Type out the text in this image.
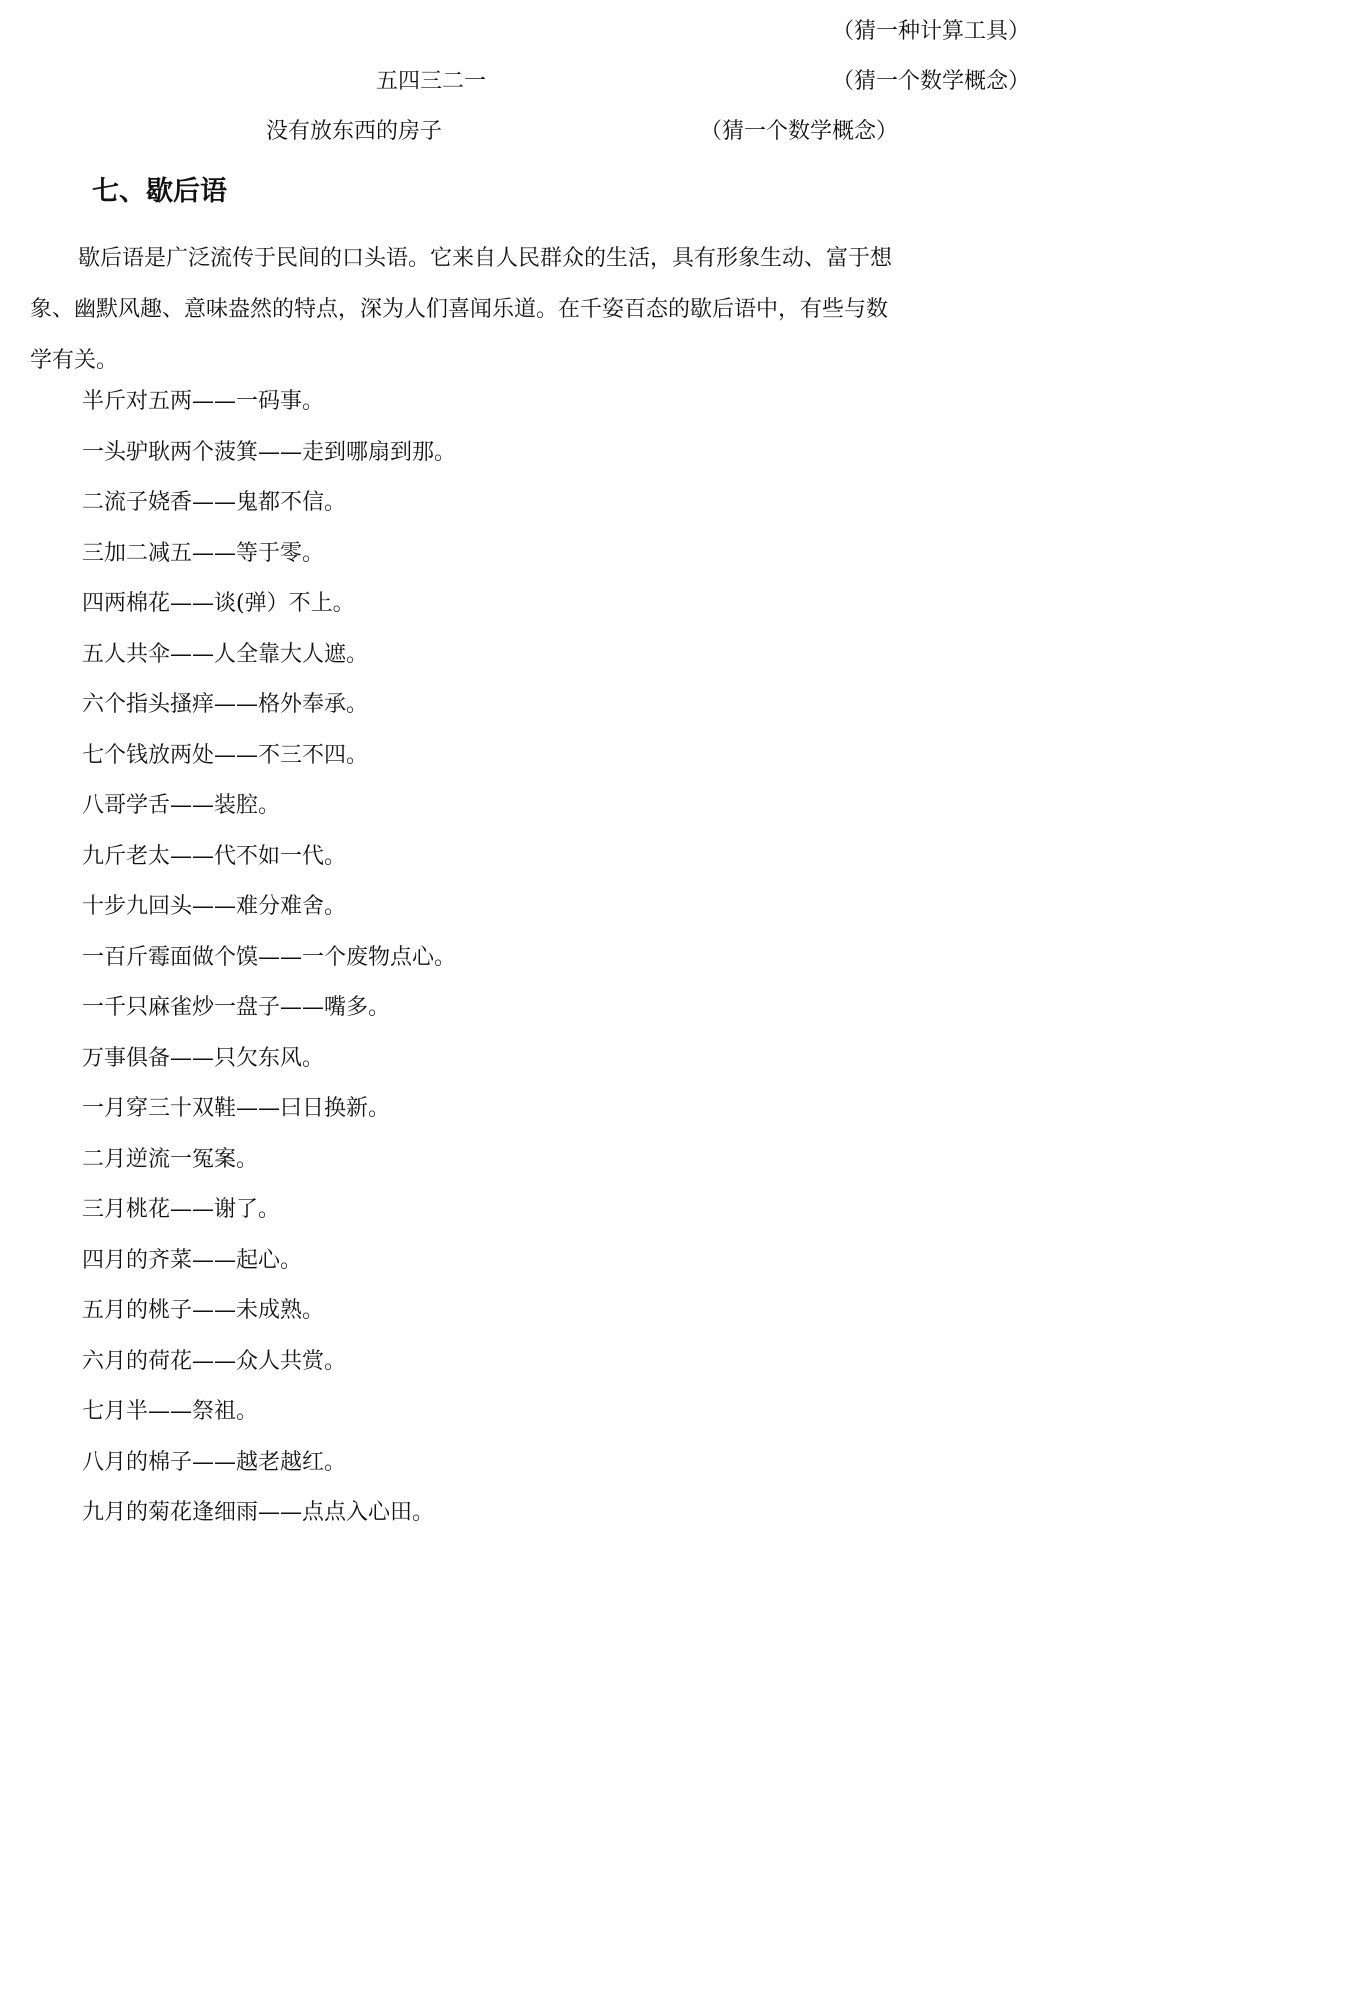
（猜一种计算工具）
五四三二一	（猜一个数学概念）
没有放东西的房子	（猜一个数学概念）
七、歇后语
歇后语是广泛流传于民间的口头语。它来自人民群众的生活，具有形象生动、富于想
象、幽默风趣、意味盎然的特点，深为人们喜闻乐道。在千姿百态的歇后语中，有些与数
学有关。
半斤对五两——一码事。
一头驴耿两个菠箕——走到哪扇到那。
二流子娆香——鬼都不信。
三加二减五——等于零。
四两棉花——谈(弹）不上。
五人共伞——人全靠大人遮。
六个指头搔痒——格外奉承。
七个钱放两处——不三不四。
八哥学舌——装腔。
九斤老太——代不如一代。
十步九回头——难分难舍。
一百斤霉面做个馍——一个废物点心。
一千只麻雀炒一盘子——嘴多。
万事俱备——只欠东风。
一月穿三十双鞋——曰日换新。
二月逆流一冤案。
三月桃花——谢了。
四月的齐菜——起心。
五月的桃子——未成熟。
六月的荷花——众人共赏。
七月半——祭祖。
八月的棉子——越老越红。
九月的菊花逢细雨——点点入心田。
